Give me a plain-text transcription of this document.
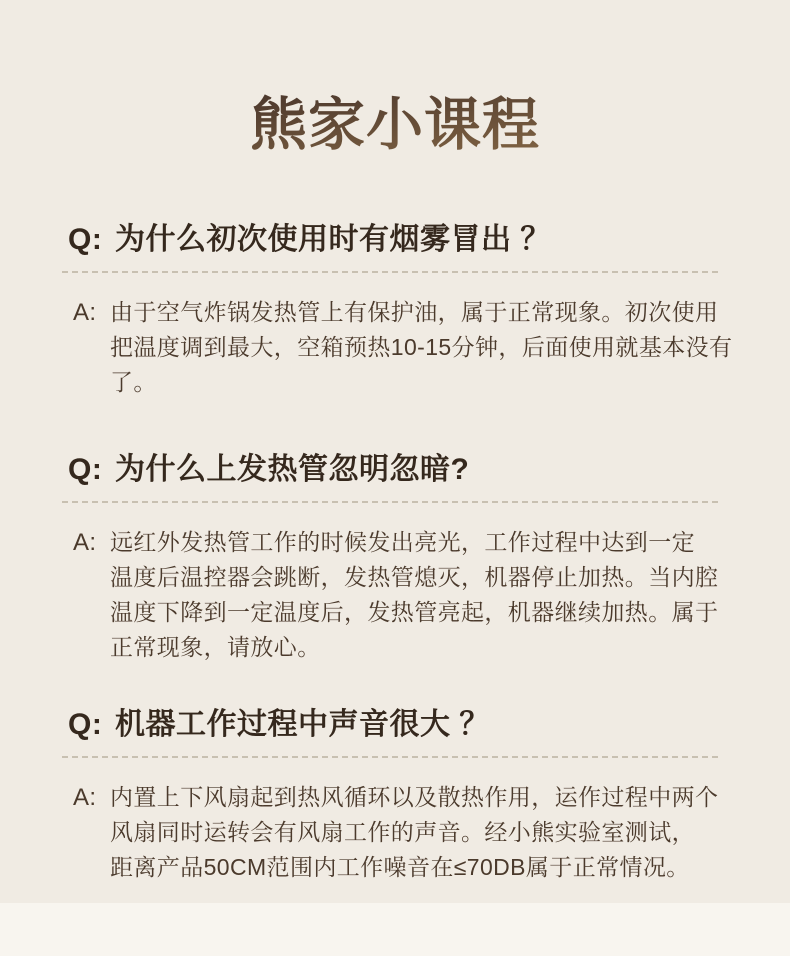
熊家小课程
Q: 为什么初次使用时有烟雾冒出 ？
A: 由于空气炸锅发热管上有保护油，属于正常现象。初次使用
把温度调到最大，空箱预热10-15分钟，后面使用就基本没有
了。
Q: 为什么上发热管忽明忽暗?
A: 远红外发热管工作的时候发出亮光，工作过程中达到一定
温度后温控器会跳断，发热管熄灭，机器停止加热。当内腔
温度下降到一定温度后，发热管亮起，机器继续加热。属于
正常现象，请放心。
Q: 机器工作过程中声音很大 ？
A: 内置上下风扇起到热风循环以及散热作用，运作过程中两个
风扇同时运转会有风扇工作的声音。经小熊实验室测试，
距离产品50CM范围内工作噪音在≤70DB属于正常情况。
